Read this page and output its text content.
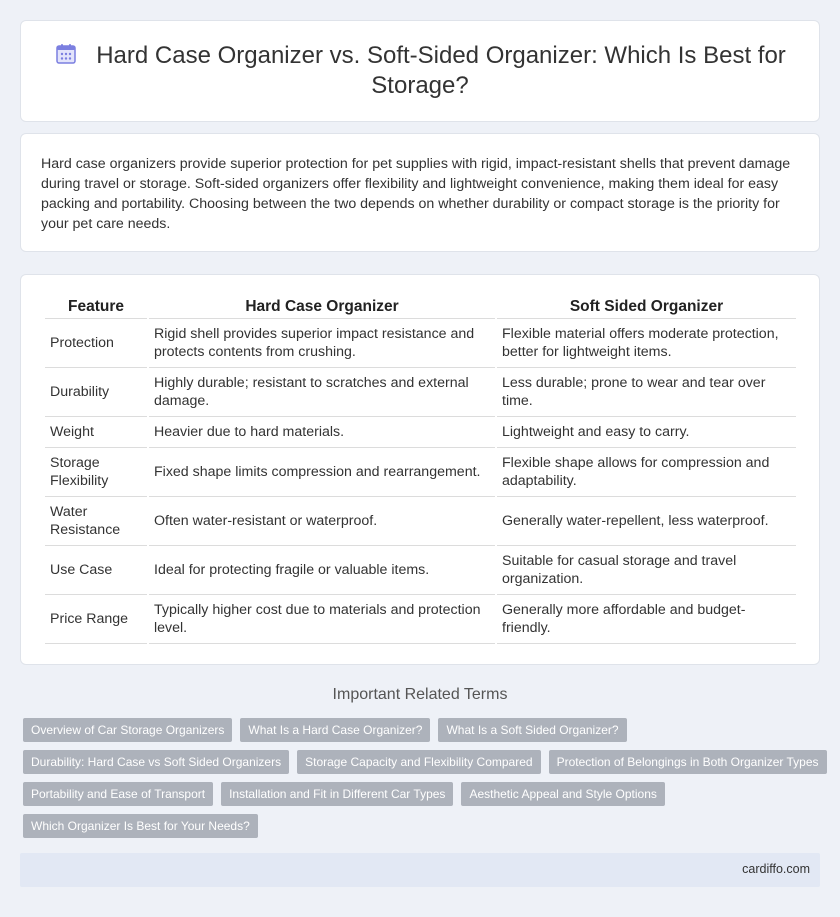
Hard Case Organizer vs. Soft-Sided Organizer: Which Is Best for Storage?

Hard case organizers provide superior protection for pet supplies with rigid, impact-resistant shells that prevent damage during travel or storage. Soft-sided organizers offer flexibility and lightweight convenience, making them ideal for easy packing and portability. Choosing between the two depends on whether durability or compact storage is the priority for your pet care needs.

Feature	Hard Case Organizer	Soft Sided Organizer
Protection	Rigid shell provides superior impact resistance and protects contents from crushing.	Flexible material offers moderate protection, better for lightweight items.
Durability	Highly durable; resistant to scratches and external damage.	Less durable; prone to wear and tear over time.
Weight	Heavier due to hard materials.	Lightweight and easy to carry.
Storage Flexibility	Fixed shape limits compression and rearrangement.	Flexible shape allows for compression and adaptability.
Water Resistance	Often water-resistant or waterproof.	Generally water-repellent, less waterproof.
Use Case	Ideal for protecting fragile or valuable items.	Suitable for casual storage and travel organization.
Price Range	Typically higher cost due to materials and protection level.	Generally more affordable and budget-friendly.
Important Related Terms
Overview of Car Storage Organizers	What Is a Hard Case Organizer?	What Is a Soft Sided Organizer?
Durability: Hard Case vs Soft Sided Organizers	Storage Capacity and Flexibility Compared	Protection of Belongings in Both Organizer Types
Portability and Ease of Transport	Installation and Fit in Different Car Types	Aesthetic Appeal and Style Options
Which Organizer Is Best for Your Needs?
cardiffo.com
